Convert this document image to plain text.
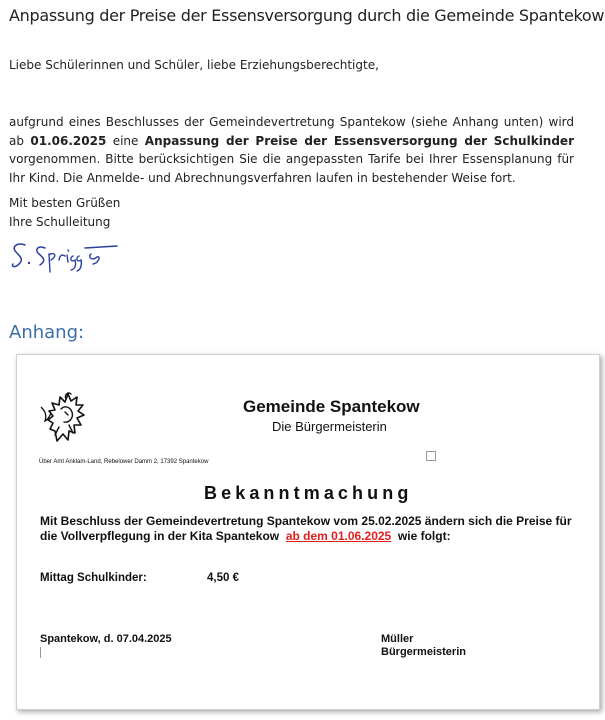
Anpassung der Preise der Essensversorgung durch die Gemeinde Spantekow
Liebe Schülerinnen und Schüler, liebe Erziehungsberechtigte,
aufgrund eines Beschlusses der Gemeindevertretung Spantekow (siehe Anhang unten) wird ab 01.06.2025 eine Anpassung der Preise der Essensversorgung der Schulkinder vorgenommen. Bitte berücksichtigen Sie die angepassten Tarife bei Ihrer Essensplanung für Ihr Kind. Die Anmelde- und Abrechnungsverfahren laufen in bestehender Weise fort.
Mit besten Grüßen
Ihre Schulleitung
Anhang:
Gemeinde Spantekow
Die Bürgermeisterin
Über Amt Anklam-Land, Rebelower Damm 2, 17392 Spantekow
Bekanntmachung
Mit Beschluss der Gemeindevertretung Spantekow vom 25.02.2025 ändern sich die Preise für die Vollverpflegung in der Kita Spantekow ab dem 01.06.2025 wie folgt:
Mittag Schulkinder:	4,50 €
Spantekow, d. 07.04.2025	Müller
Bürgermeisterin
